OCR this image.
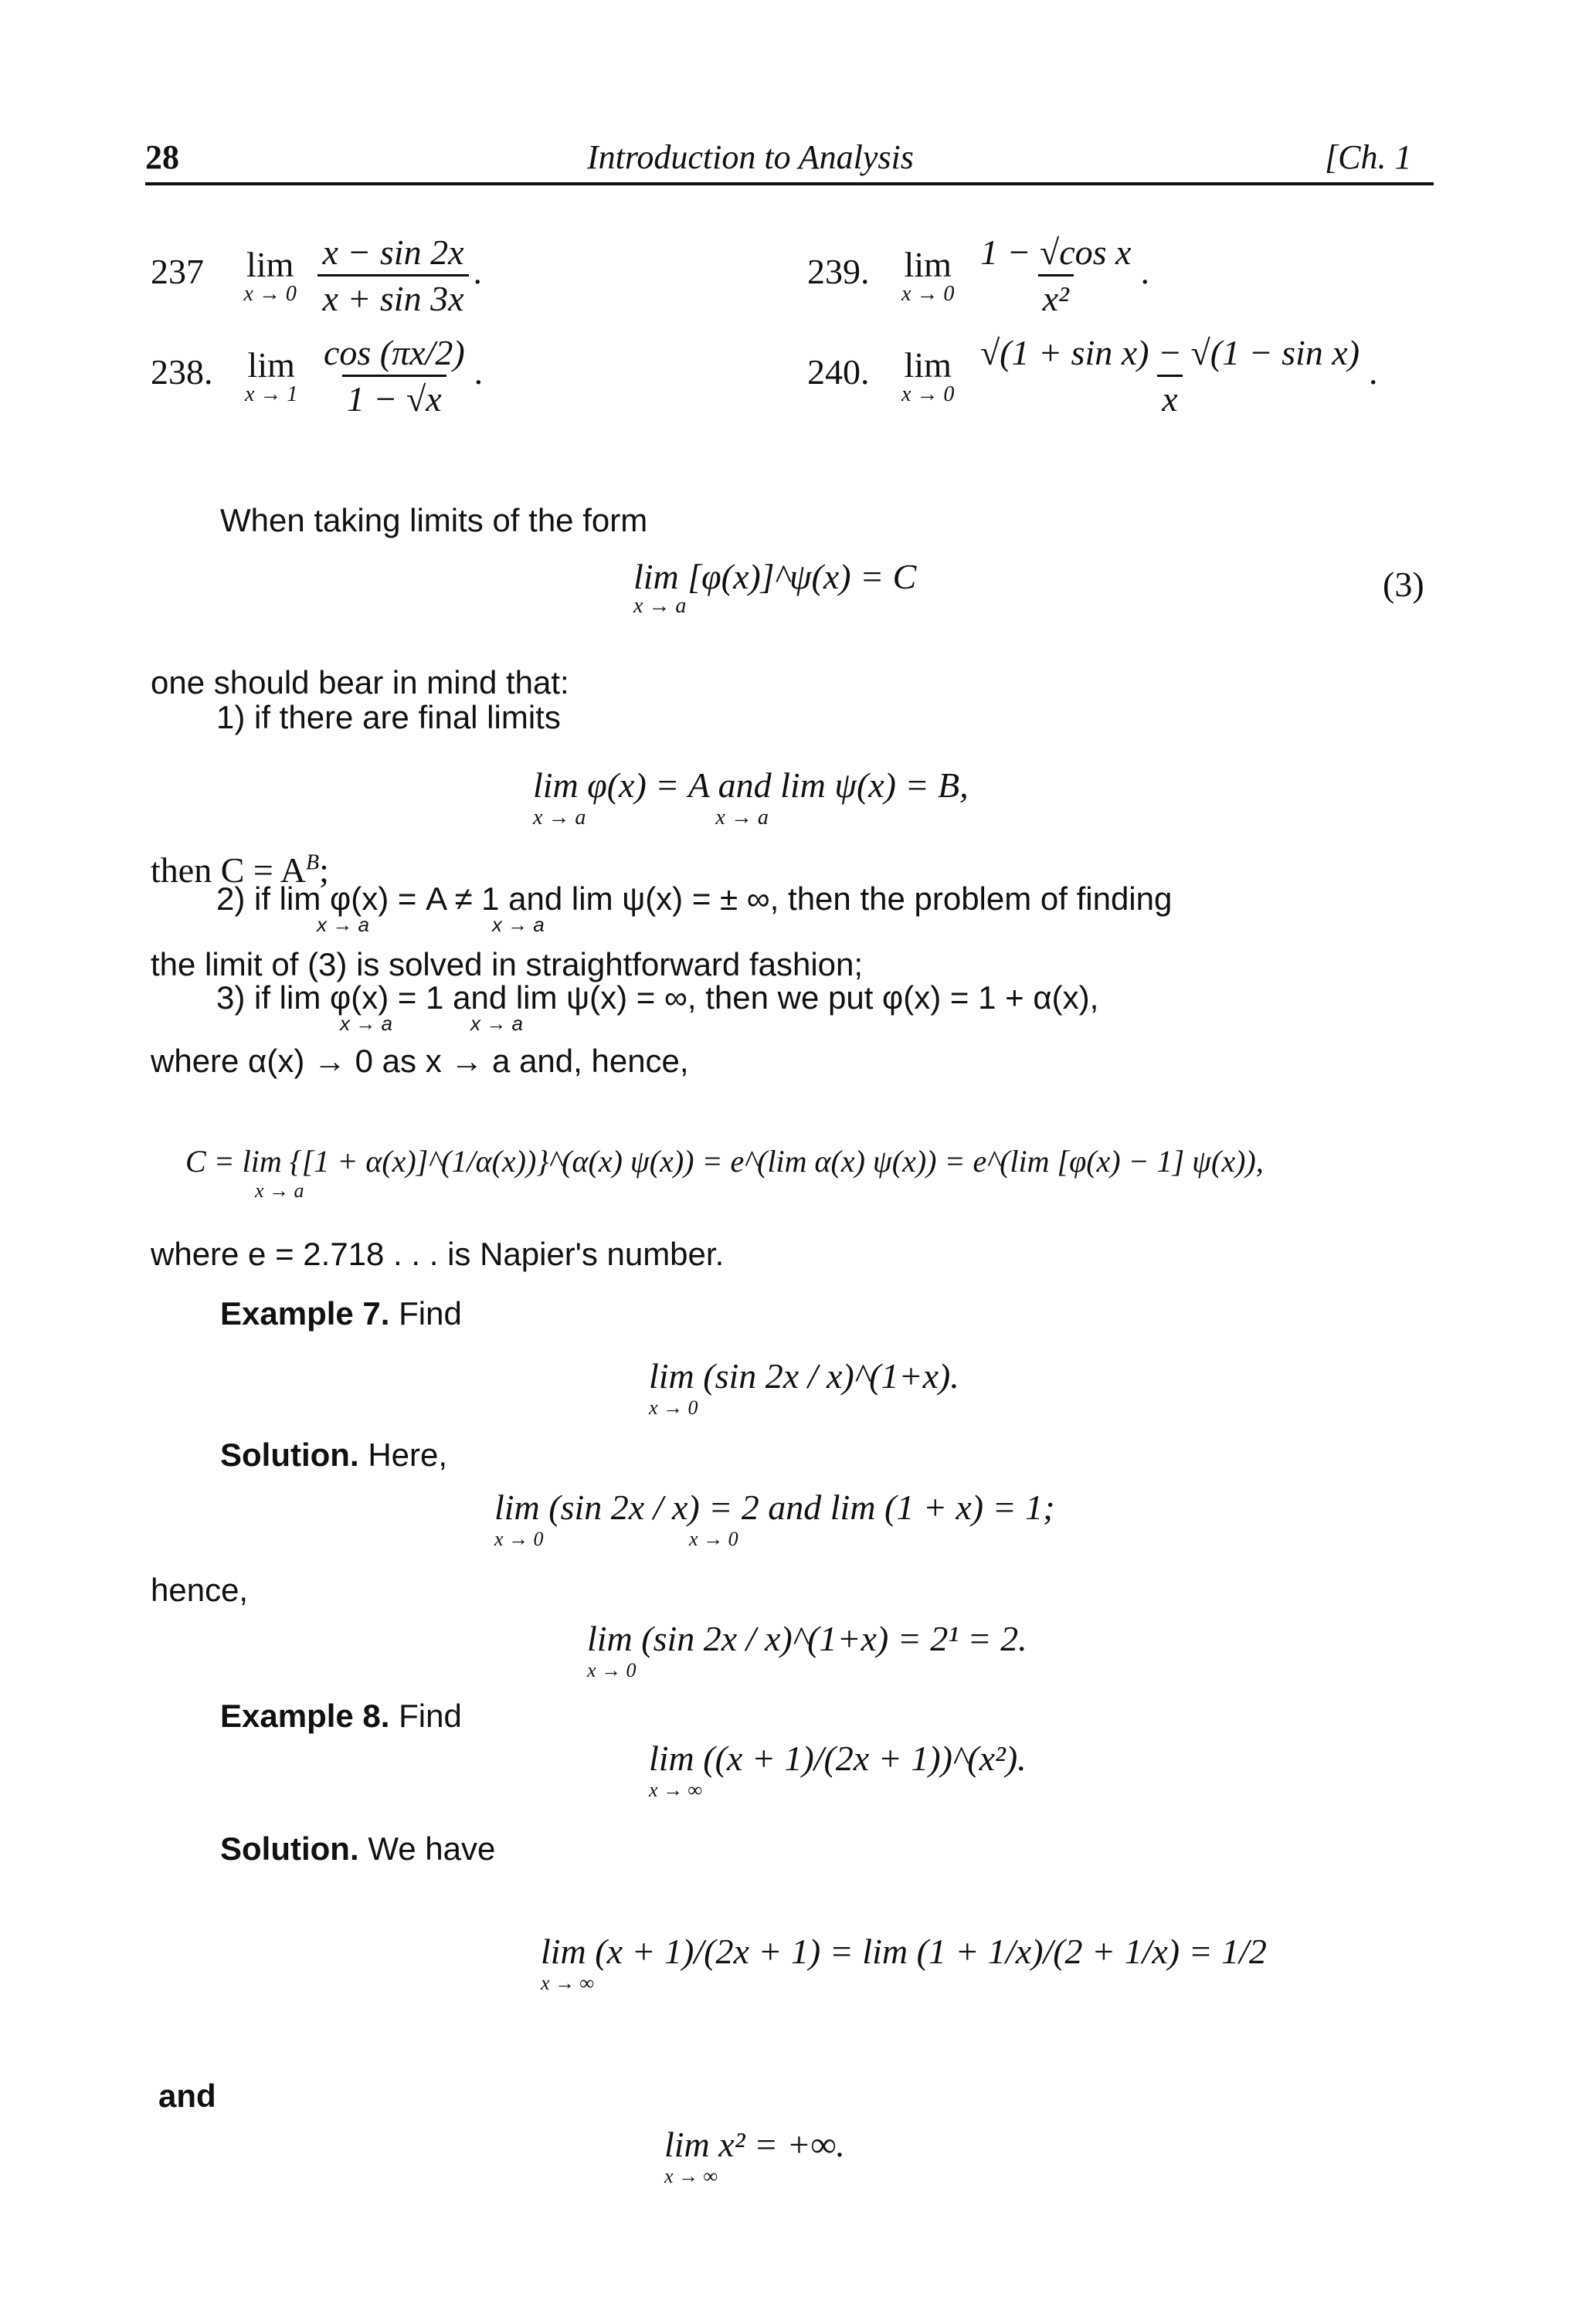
28	Introduction to Analysis	[Ch. 1
237 lim
x → 0
$\frac{x - \sin 2x}{x + \sin 3x}$ .
238. lim
x → 1
$\frac{\cos (\pi x/2)}{1 - √x}$ .
239. lim
x → 0
$\frac{\text{1 − √cos x}}{\text{x²}}$ .
240. lim
x → 0
$\frac{\text{√(1 + sin x) − √(1 − sin x)}}{x}$ .
When taking limits of the form
lim [φ(x)]^ψ(x) = C
x → a
(3)
one should bear in mind that:
1) if there are final limits
lim φ(x) = A and lim ψ(x) = B,
x → a                        x → a
then $C = A^B$;
2) if lim φ(x) = A ≠ 1 and lim ψ(x) = ± ∞, then the problem of finding
x → a                      x → a
the limit of (3) is solved in straightforward fashion;
3) if lim φ(x) = 1 and lim ψ(x) = ∞, then we put φ(x) = 1 + α(x),
x → a              x → a
where α(x) → 0 as x → a and, hence,
C = lim {[1 + α(x)]^(1/α(x))}^(α(x) ψ(x)) = e^(lim α(x) ψ(x)) = e^(lim [φ(x) − 1] ψ(x)),
x → a
where e = 2.718 . . . is Napier's number.
Example 7. Find
lim (sin 2x / x)^(1+x).
x → 0
Solution. Here,
lim (sin 2x / x) = 2 and lim (1 + x) = 1;
x → 0                             x → 0
hence,
lim (sin 2x / x)^(1+x) = 2¹ = 2.
x → 0
Example 8. Find
lim ((x + 1)/(2x + 1))^(x²).
x → ∞
Solution. We have
lim (x + 1)/(2x + 1) = lim (1 + 1/x)/(2 + 1/x) = 1/2
x → ∞
and
lim x² = +∞.
x → ∞
